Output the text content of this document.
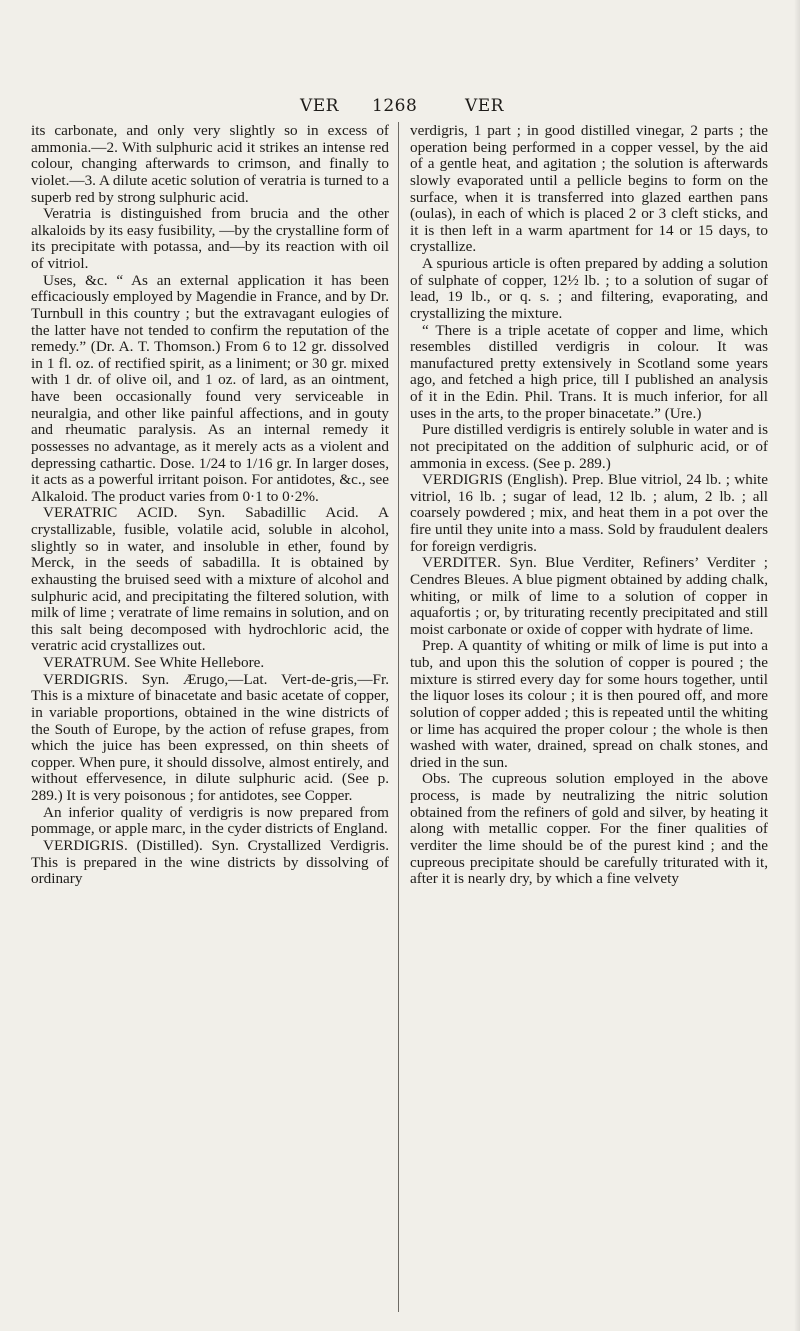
VER 1268	VER

its carbonate, and only very slightly so in excess of ammonia.—2. With sulphuric acid it strikes an intense red colour, changing afterwards to crimson, and finally to violet.—3. A dilute acetic solution of veratria is turned to a superb red by strong sulphuric acid.

Veratria is distinguished from brucia and the other alkaloids by its easy fusibility, —by the crystalline form of its precipitate with potassa, and—by its reaction with oil of vitriol.

Uses, &c. “ As an external application it has been efficaciously employed by Magendie in France, and by Dr. Turnbull in this country ; but the extravagant eulogies of the latter have not tended to confirm the reputation of the remedy.” (Dr. A. T. Thomson.) From 6 to 12 gr. dissolved in 1 fl. oz. of rectified spirit, as a liniment; or 30 gr. mixed with 1 dr. of olive oil, and 1 oz. of lard, as an ointment, have been occasionally found very serviceable in neuralgia, and other like painful affections, and in gouty and rheumatic paralysis. As an internal remedy it possesses no advantage, as it merely acts as a violent and depressing cathartic. Dose. 1/24 to 1/16 gr. In larger doses, it acts as a powerful irritant poison. For antidotes, &c., see Alkaloid. The product varies from 0·1 to 0·2%.

VERATRIC ACID. Syn. Sabadillic Acid. A crystallizable, fusible, volatile acid, soluble in alcohol, slightly so in water, and insoluble in ether, found by Merck, in the seeds of sabadilla. It is obtained by exhausting the bruised seed with a mixture of alcohol and sulphuric acid, and precipitating the filtered solution, with milk of lime ; veratrate of lime remains in solution, and on this salt being decomposed with hydrochloric acid, the veratric acid crystallizes out.

VERATRUM. See White Hellebore.

VERDIGRIS. Syn. Ærugo,—Lat. Vert-de-gris,—Fr. This is a mixture of binacetate and basic acetate of copper, in variable proportions, obtained in the wine districts of the South of Europe, by the action of refuse grapes, from which the juice has been expressed, on thin sheets of copper. When pure, it should dissolve, almost entirely, and without effervesence, in dilute sulphuric acid. (See p. 289.) It is very poisonous ; for antidotes, see Copper.

An inferior quality of verdigris is now prepared from pommage, or apple marc, in the cyder districts of England.

VERDIGRIS. (Distilled). Syn. Crystallized Verdigris. This is prepared in the wine districts by dissolving of ordinary

verdigris, 1 part ; in good distilled vinegar, 2 parts ; the operation being performed in a copper vessel, by the aid of a gentle heat, and agitation ; the solution is afterwards slowly evaporated until a pellicle begins to form on the surface, when it is transferred into glazed earthen pans (oulas), in each of which is placed 2 or 3 cleft sticks, and it is then left in a warm apartment for 14 or 15 days, to crystallize.

A spurious article is often prepared by adding a solution of sulphate of copper, 12½ lb. ; to a solution of sugar of lead, 19 lb., or q. s. ; and filtering, evaporating, and crystallizing the mixture.

“ There is a triple acetate of copper and lime, which resembles distilled verdigris in colour. It was manufactured pretty extensively in Scotland some years ago, and fetched a high price, till I published an analysis of it in the Edin. Phil. Trans. It is much inferior, for all uses in the arts, to the proper binacetate.” (Ure.)

Pure distilled verdigris is entirely soluble in water and is not precipitated on the addition of sulphuric acid, or of ammonia in excess. (See p. 289.)

VERDIGRIS (English). Prep. Blue vitriol, 24 lb. ; white vitriol, 16 lb. ; sugar of lead, 12 lb. ; alum, 2 lb. ; all coarsely powdered ; mix, and heat them in a pot over the fire until they unite into a mass. Sold by fraudulent dealers for foreign verdigris.

VERDITER. Syn. Blue Verditer, Refiners’ Verditer ; Cendres Bleues. A blue pigment obtained by adding chalk, whiting, or milk of lime to a solution of copper in aquafortis ; or, by triturating recently precipitated and still moist carbonate or oxide of copper with hydrate of lime.

Prep. A quantity of whiting or milk of lime is put into a tub, and upon this the solution of copper is poured ; the mixture is stirred every day for some hours together, until the liquor loses its colour ; it is then poured off, and more solution of copper added ; this is repeated until the whiting or lime has acquired the proper colour ; the whole is then washed with water, drained, spread on chalk stones, and dried in the sun.

Obs. The cupreous solution employed in the above process, is made by neutralizing the nitric solution obtained from the refiners of gold and silver, by heating it along with metallic copper. For the finer qualities of verditer the lime should be of the purest kind ; and the cupreous precipitate should be carefully triturated with it, after it is nearly dry, by which a fine velvety
